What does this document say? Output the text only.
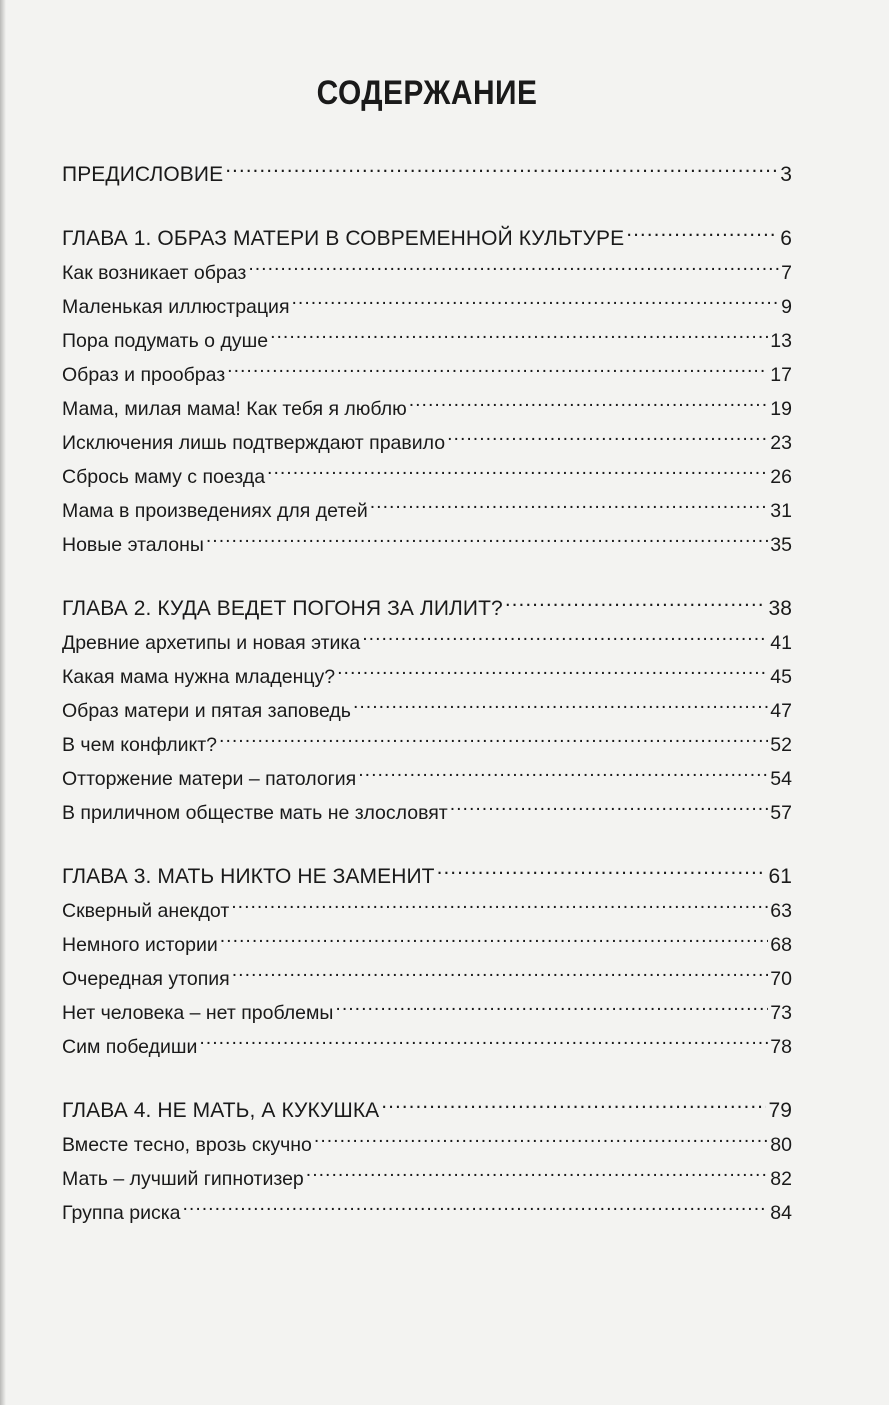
СОДЕРЖАНИЕ
ПРЕДИСЛОВИЕ .....	3
ГЛАВА 1. ОБРАЗ МАТЕРИ В СОВРЕМЕННОЙ КУЛЬТУРЕ .....	6
Как возникает образ .....	7
Маленькая иллюстрация .....	9
Пора подумать о душе .....	13
Образ и прообраз .....	17
Мама, милая мама! Как тебя я люблю .....	19
Исключения лишь подтверждают правило .....	23
Сбрось маму с поезда .....	26
Мама в произведениях для детей .....	31
Новые эталоны .....	35
ГЛАВА 2. КУДА ВЕДЕТ ПОГОНЯ ЗА ЛИЛИТ? .....	38
Древние архетипы и новая этика .....	41
Какая мама нужна младенцу? .....	45
Образ матери и пятая заповедь .....	47
В чем конфликт? .....	52
Отторжение матери – патология .....	54
В приличном обществе мать не злословят .....	57
ГЛАВА 3. МАТЬ НИКТО НЕ ЗАМЕНИТ .....	61
Скверный анекдот .....	63
Немного истории .....	68
Очередная утопия .....	70
Нет человека – нет проблемы .....	73
Сим победиши .....	78
ГЛАВА 4. НЕ МАТЬ, А КУКУШКА .....	79
Вместе тесно, врозь скучно .....	80
Мать – лучший гипнотизер .....	82
Группа риска .....	84
